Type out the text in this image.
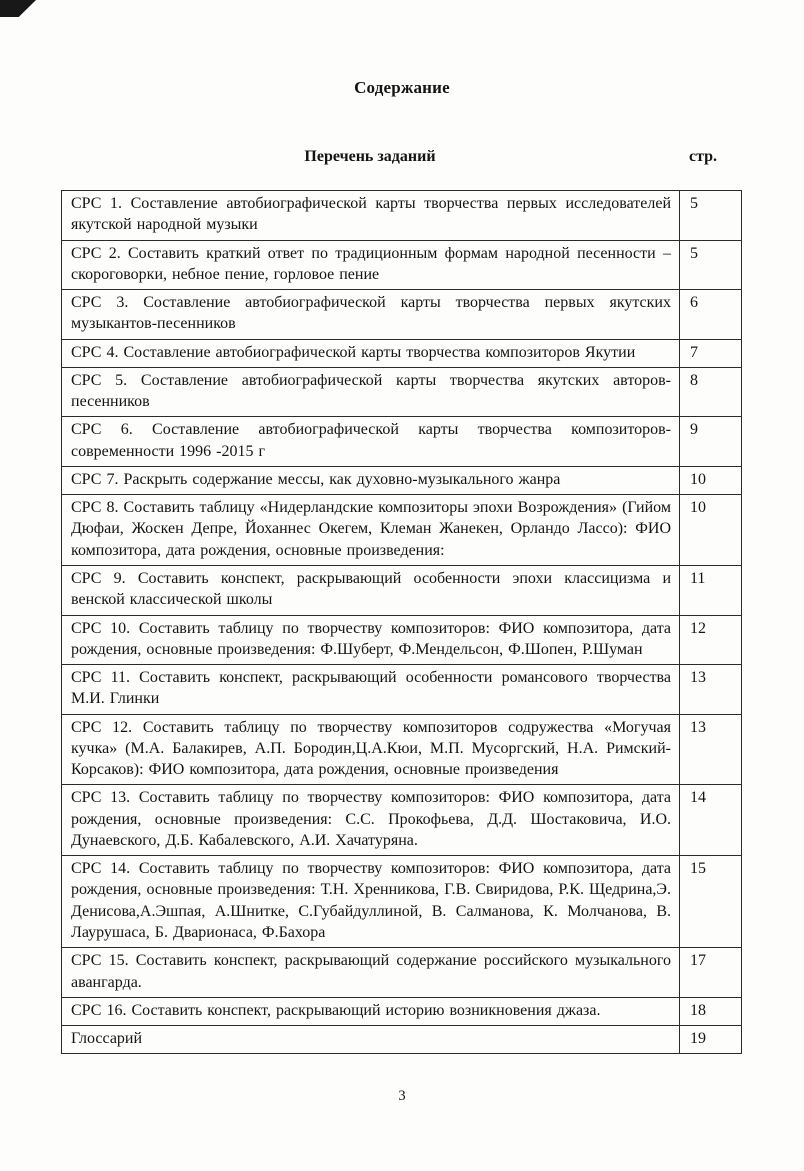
Содержание
Перечень заданий	стр.
СРС 1. Составление автобиографической карты творчества первых исследователей якутской народной музыки	5
СРС 2. Составить краткий ответ по традиционным формам народной песенности – скороговорки, небное пение, горловое пение	5
СРС 3. Составление автобиографической карты творчества первых якутских музыкантов-песенников	6
СРС 4. Составление автобиографической карты творчества композиторов Якутии	7
СРС 5. Составление автобиографической карты творчества якутских авторов-песенников	8
СРС 6. Составление автобиографической карты творчества композиторов-современности 1996 -2015 г	9
СРС 7. Раскрыть содержание мессы, как духовно-музыкального жанра	10
СРС 8. Составить таблицу «Нидерландские композиторы эпохи Возрождения» (Гийом Дюфаи, Жоскен Депре, Йоханнес Окегем, Клеман Жанекен, Орландо Лассо): ФИО композитора, дата рождения, основные произведения:	10
СРС 9. Составить конспект, раскрывающий особенности эпохи классицизма и венской классической школы	11
СРС 10. Составить таблицу по творчеству композиторов: ФИО композитора, дата рождения, основные произведения: Ф.Шуберт, Ф.Мендельсон, Ф.Шопен, Р.Шуман	12
СРС 11. Составить конспект, раскрывающий особенности романсового творчества М.И. Глинки	13
СРС 12. Составить таблицу по творчеству композиторов содружества «Могучая кучка» (М.А. Балакирев, А.П. Бородин,Ц.А.Кюи, М.П. Мусоргский, Н.А. Римский-Корсаков): ФИО композитора, дата рождения, основные произведения	13
СРС 13. Составить таблицу по творчеству композиторов: ФИО композитора, дата рождения, основные произведения: С.С. Прокофьева, Д.Д. Шостаковича, И.О. Дунаевского, Д.Б. Кабалевского, А.И. Хачатуряна.	14
СРС 14. Составить таблицу по творчеству композиторов: ФИО композитора, дата рождения, основные произведения: Т.Н. Хренникова, Г.В. Свиридова, Р.К. Щедрина,Э. Денисова,А.Эшпая, А.Шнитке, С.Губайдуллиной, В. Салманова, К. Молчанова, В. Лаурушаса, Б. Дварионаса, Ф.Бахора	15
СРС 15. Составить конспект, раскрывающий содержание российского музыкального авангарда.	17
СРС 16. Составить конспект, раскрывающий историю возникновения джаза.	18
Глоссарий	19
3
